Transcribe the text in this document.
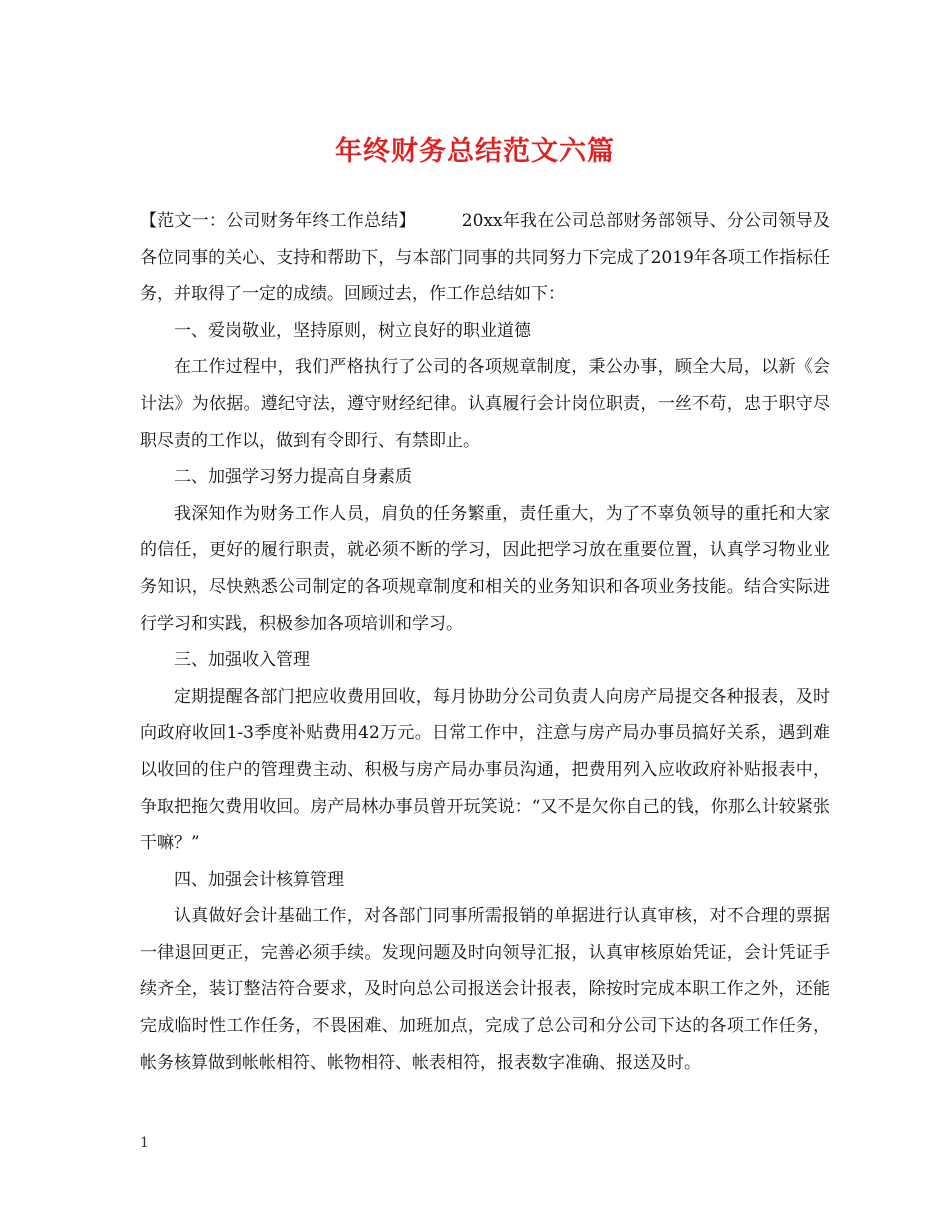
年终财务总结范文六篇

【范文一：公司财务年终工作总结】	20xx年我在公司总部财务部领导、分公司领导及各位同事的关心、支持和帮助下，与本部门同事的共同努力下完成了2019年各项工作指标任务，并取得了一定的成绩。回顾过去，作工作总结如下：

一、爱岗敬业，坚持原则，树立良好的职业道德

在工作过程中，我们严格执行了公司的各项规章制度，秉公办事，顾全大局，以新《会计法》为依据。遵纪守法，遵守财经纪律。认真履行会计岗位职责，一丝不苟，忠于职守尽职尽责的工作以，做到有令即行、有禁即止。

二、加强学习努力提高自身素质

我深知作为财务工作人员，肩负的任务繁重，责任重大，为了不辜负领导的重托和大家的信任，更好的履行职责，就必须不断的学习，因此把学习放在重要位置，认真学习物业业务知识，尽快熟悉公司制定的各项规章制度和相关的业务知识和各项业务技能。结合实际进行学习和实践，积极参加各项培训和学习。

三、加强收入管理

定期提醒各部门把应收费用回收，每月协助分公司负责人向房产局提交各种报表，及时向政府收回1-3季度补贴费用42万元。日常工作中，注意与房产局办事员搞好关系，遇到难以收回的住户的管理费主动、积极与房产局办事员沟通，把费用列入应收政府补贴报表中，争取把拖欠费用收回。房产局林办事员曾开玩笑说：“又不是欠你自己的钱，你那么计较紧张干嘛？”

四、加强会计核算管理

认真做好会计基础工作，对各部门同事所需报销的单据进行认真审核，对不合理的票据一律退回更正，完善必须手续。发现问题及时向领导汇报，认真审核原始凭证，会计凭证手续齐全，装订整洁符合要求，及时向总公司报送会计报表，除按时完成本职工作之外，还能完成临时性工作任务，不畏困难、加班加点，完成了总公司和分公司下达的各项工作任务，帐务核算做到帐帐相符、帐物相符、帐表相符，报表数字准确、报送及时。

1
